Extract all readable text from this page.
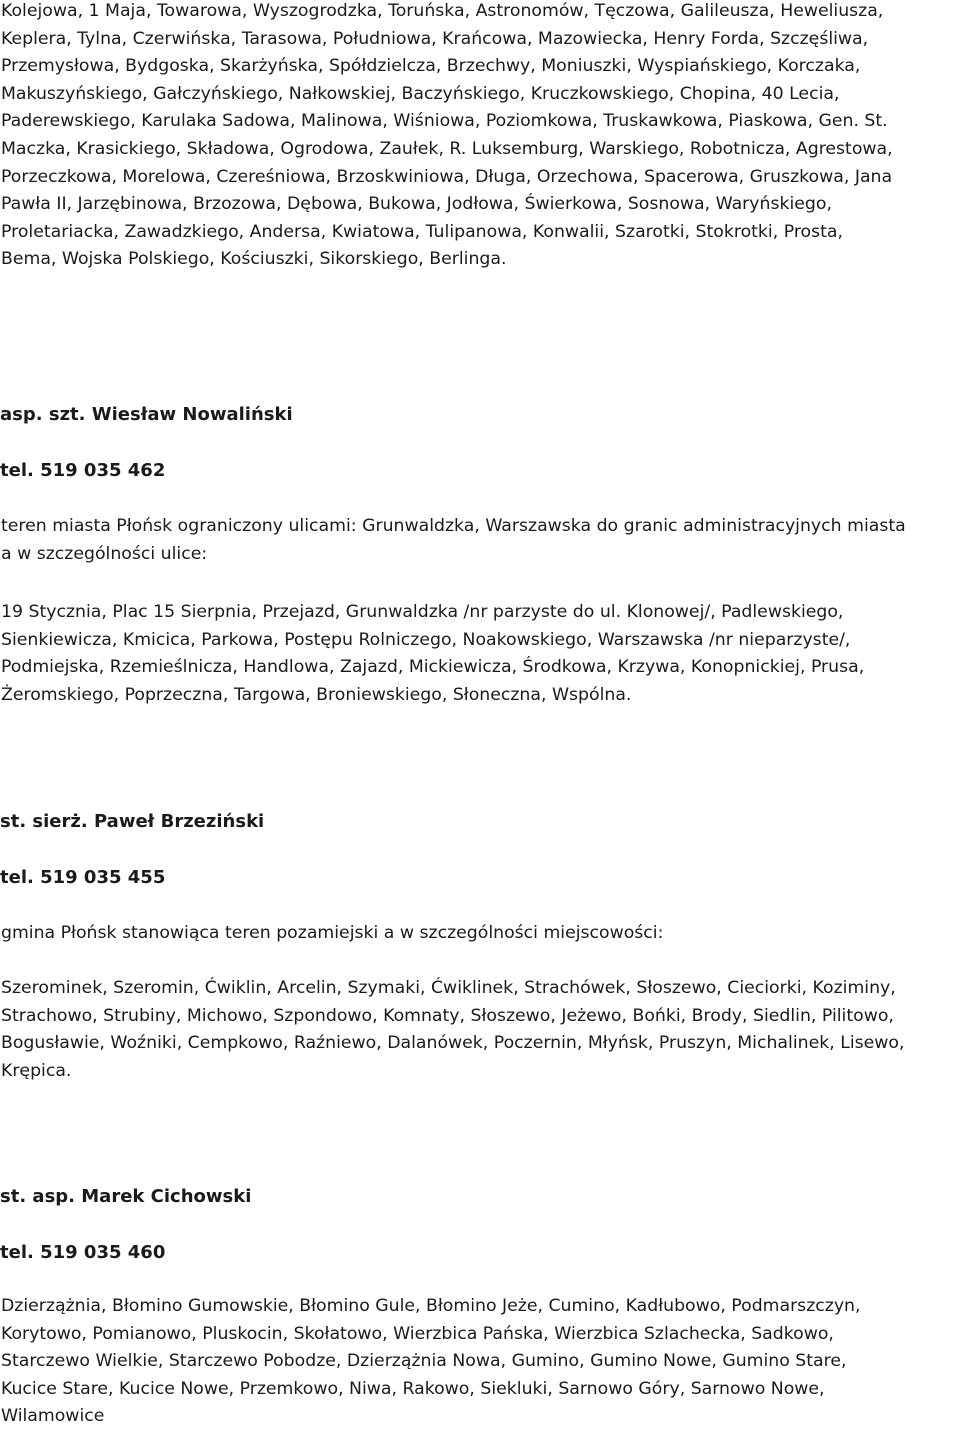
Kolejowa, 1 Maja, Towarowa, Wyszogrodzka, Toruńska, Astronomów, Tęczowa, Galileusza, Heweliusza,
Keplera, Tylna, Czerwińska, Tarasowa, Południowa, Krańcowa, Mazowiecka, Henry Forda, Szczęśliwa,
Przemysłowa, Bydgoska, Skarżyńska, Spółdzielcza, Brzechwy, Moniuszki, Wyspiańskiego, Korczaka,
Makuszyńskiego, Gałczyńskiego, Nałkowskiej, Baczyńskiego, Kruczkowskiego, Chopina, 40 Lecia,
Paderewskiego, Karulaka Sadowa, Malinowa, Wiśniowa, Poziomkowa, Truskawkowa, Piaskowa, Gen. St.
Maczka, Krasickiego, Składowa, Ogrodowa, Zaułek, R. Luksemburg, Warskiego, Robotnicza, Agrestowa,
Porzeczkowa, Morelowa, Czereśniowa, Brzoskwiniowa, Długa, Orzechowa, Spacerowa, Gruszkowa, Jana
Pawła II, Jarzębinowa, Brzozowa, Dębowa, Bukowa, Jodłowa, Świerkowa, Sosnowa, Waryńskiego,
Proletariacka, Zawadzkiego, Andersa, Kwiatowa, Tulipanowa, Konwalii, Szarotki, Stokrotki, Prosta,
Bema, Wojska Polskiego, Kościuszki, Sikorskiego, Berlinga.
asp. szt. Wiesław Nowaliński
tel. 519 035 462
teren miasta Płońsk ograniczony ulicami: Grunwaldzka, Warszawska do granic administracyjnych miasta
a w szczególności ulice:
19 Stycznia, Plac 15 Sierpnia, Przejazd, Grunwaldzka /nr parzyste do ul. Klonowej/, Padlewskiego,
Sienkiewicza, Kmicica, Parkowa, Postępu Rolniczego, Noakowskiego, Warszawska /nr nieparzyste/,
Podmiejska, Rzemieślnicza, Handlowa, Zajazd, Mickiewicza, Środkowa, Krzywa, Konopnickiej, Prusa,
Żeromskiego, Poprzeczna, Targowa, Broniewskiego, Słoneczna, Wspólna.
st. sierż. Paweł Brzeziński
tel. 519 035 455
gmina Płońsk stanowiąca teren pozamiejski a w szczególności miejscowości:
Szerominek, Szeromin, Ćwiklin, Arcelin, Szymaki, Ćwiklinek, Strachówek, Słoszewo, Cieciorki, Koziminy,
Strachowo, Strubiny, Michowo, Szpondowo, Komnaty, Słoszewo, Jeżewo, Bońki, Brody, Siedlin, Pilitowo,
Bogusławie, Woźniki, Cempkowo, Raźniewo, Dalanówek, Poczernin, Młyńsk, Pruszyn, Michalinek, Lisewo,
Krępica.
st. asp. Marek Cichowski
tel. 519 035 460
Dzierzążnia, Błomino Gumowskie, Błomino Gule, Błomino Jeże, Cumino, Kadłubowo, Podmarszczyn,
Korytowo, Pomianowo, Pluskocin, Skołatowo, Wierzbica Pańska, Wierzbica Szlachecka, Sadkowo,
Starczewo Wielkie, Starczewo Pobodze, Dzierzążnia Nowa, Gumino, Gumino Nowe, Gumino Stare,
Kucice Stare, Kucice Nowe, Przemkowo, Niwa, Rakowo, Siekluki, Sarnowo Góry, Sarnowo Nowe,
Wilamowice
